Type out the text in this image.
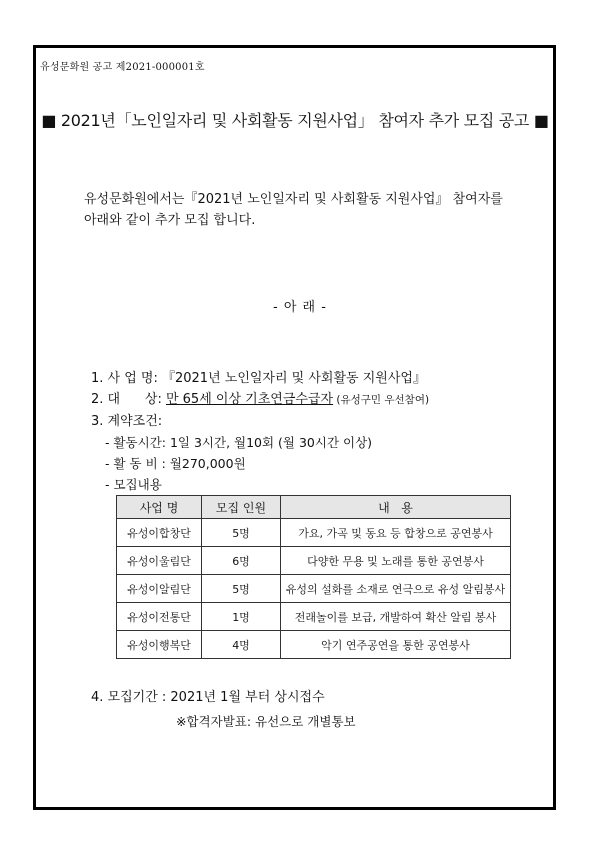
유성문화원 공고 제2021-000001호
■ 2021년「노인일자리 및 사회활동 지원사업」 참여자 추가 모집 공고 ■
유성문화원에서는『2021년 노인일자리 및 사회활동 지원사업』 참여자를
아래와 같이 추가 모집 합니다.
- 아 래 -
1. 사 업 명: 『2021년 노인일자리 및 사회활동 지원사업』
2. 대      상: 만 65세 이상 기초연금수급자 (유성구민 우선참여)
3. 계약조건:
- 활동시간: 1일 3시간, 월10회 (월 30시간 이상)
- 활 동 비 : 월270,000원
- 모집내용
사업 명	모집 인원	내   용
유성이합창단	5명	가요, 가곡 및 동요 등 합창으로 공연봉사
유성이울림단	6명	다양한 무용 및 노래를 통한 공연봉사
유성이알림단	5명	유성의 설화를 소재로 연극으로 유성 알림봉사
유성이전통단	1명	전래놀이를 보급, 개발하여 확산 알림 봉사
유성이행복단	4명	악기 연주공연을 통한 공연봉사
4. 모집기간 : 2021년 1월 부터 상시접수
※합격자발표: 유선으로 개별통보
